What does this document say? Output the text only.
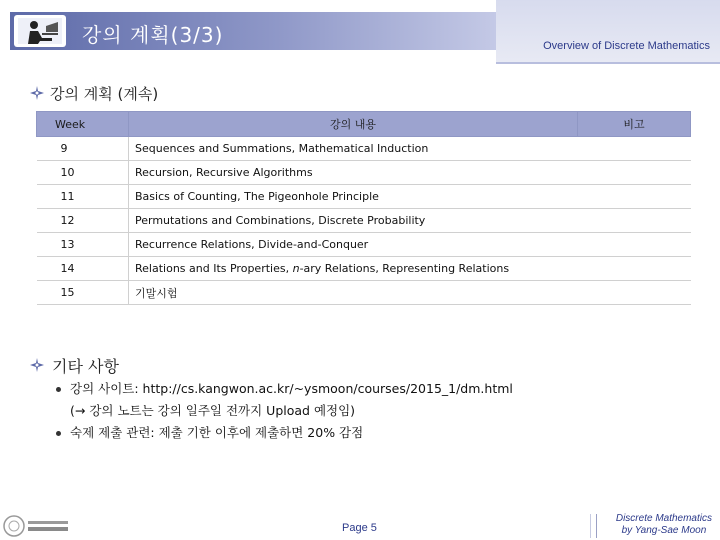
강의 계획(3/3)	Overview of Discrete Mathematics
강의 계획 (계속)
Week	강의 내용	비고
9	Sequences and Summations, Mathematical Induction	
10	Recursion, Recursive Algorithms	
11	Basics of Counting, The Pigeonhole Principle	
12	Permutations and Combinations, Discrete Probability	
13	Recurrence Relations, Divide-and-Conquer	
14	Relations and Its Properties, n-ary Relations, Representing Relations	
15	기말시험	
기타 사항
강의 사이트: http://cs.kangwon.ac.kr/~ysmoon/courses/2015_1/dm.html
(→ 강의 노트는 강의 일주일 전까지 Upload 예정임)
숙제 제출 관련: 제출 기한 이후에 제출하면 20% 감점
Page 5
Discrete Mathematics
by Yang-Sae Moon
